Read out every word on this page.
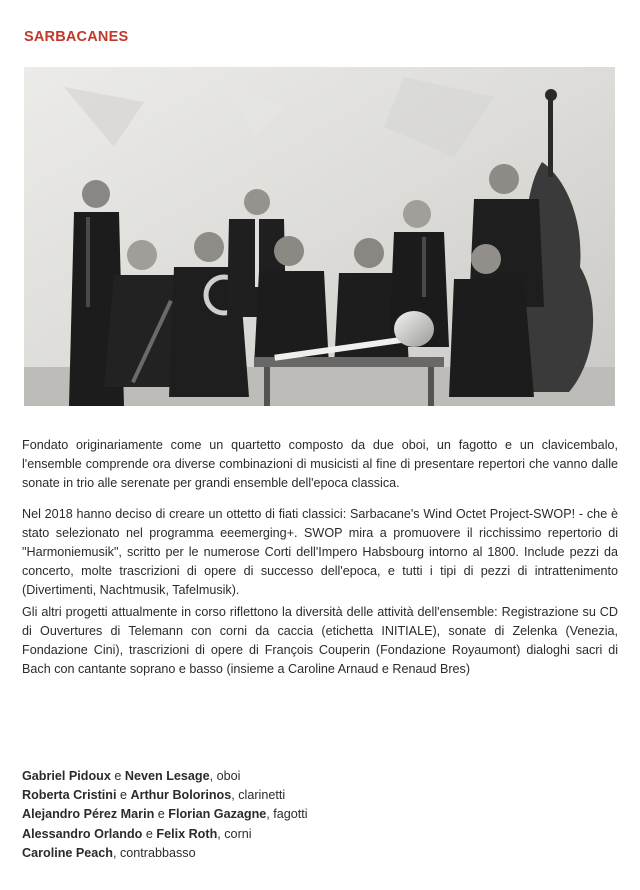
SARBACANES

Fondato originariamente come un quartetto composto da due oboi, un fagotto e un clavicembalo, l'ensemble comprende ora diverse combinazioni di musicisti al fine di presentare repertori che vanno dalle sonate in trio alle serenate per grandi ensemble dell'epoca classica.

Nel 2018 hanno deciso di creare un ottetto di fiati classici: Sarbacane's Wind Octet Project-SWOP! - che è stato selezionato nel programma eeemerging+. SWOP mira a promuovere il ricchissimo repertorio di "Harmoniemusik", scritto per le numerose Corti dell'Impero Habsbourg intorno al 1800. Include pezzi da concerto, molte trascrizioni di opere di successo dell'epoca, e tutti i tipi di pezzi di intrattenimento (Divertimenti, Nachtmusik, Tafelmusik).

Gli altri progetti attualmente in corso riflettono la diversità delle attività dell'ensemble: Registrazione su CD di Ouvertures di Telemann con corni da caccia (etichetta INITIALE), sonate di Zelenka (Venezia, Fondazione Cini), trascrizioni di opere di François Couperin (Fondazione Royaumont) dialoghi sacri di Bach con cantante soprano e basso (insieme a Caroline Arnaud e Renaud Bres)

Gabriel Pidoux e Neven Lesage, oboi
Roberta Cristini e Arthur Bolorinos, clarinetti
Alejandro Pérez Marin e Florian Gazagne, fagotti
Alessandro Orlando e Felix Roth, corni
Caroline Peach, contrabbasso
